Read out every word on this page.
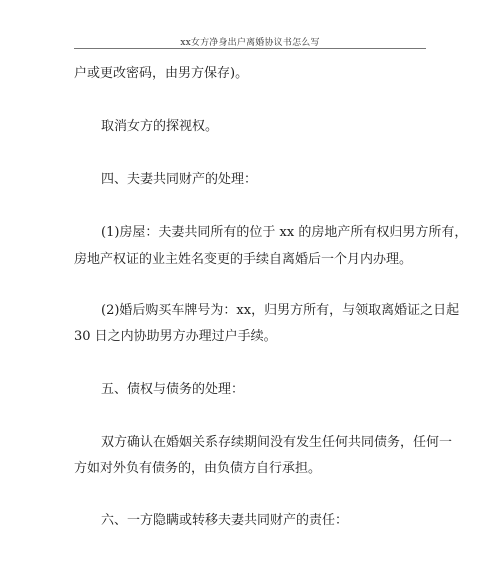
xx女方净身出户离婚协议书怎么写
户或更改密码，由男方保存)。
取消女方的探视权。
四、夫妻共同财产的处理：
(1)房屋：夫妻共同所有的位于 xx 的房地产所有权归男方所有，
房地产权证的业主姓名变更的手续自离婚后一个月内办理。
(2)婚后购买车牌号为：xx，归男方所有，与领取离婚证之日起
30 日之内协助男方办理过户手续。
五、债权与债务的处理：
双方确认在婚姻关系存续期间没有发生任何共同债务，任何一
方如对外负有债务的，由负债方自行承担。
六、一方隐瞒或转移夫妻共同财产的责任：
